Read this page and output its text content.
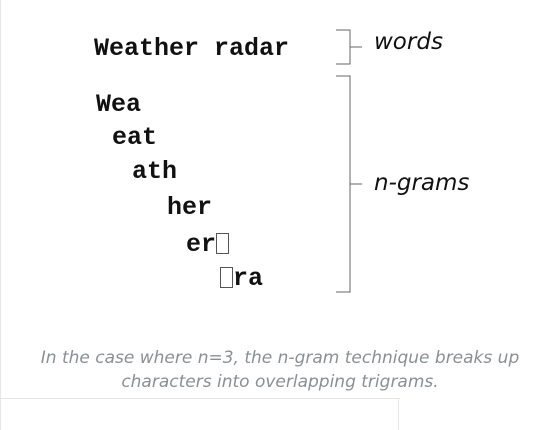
Weather radar
Wea
eat
ath
her
er
ra
words
n-grams
In the case where n=3, the n-gram technique breaks up characters into overlapping trigrams.
